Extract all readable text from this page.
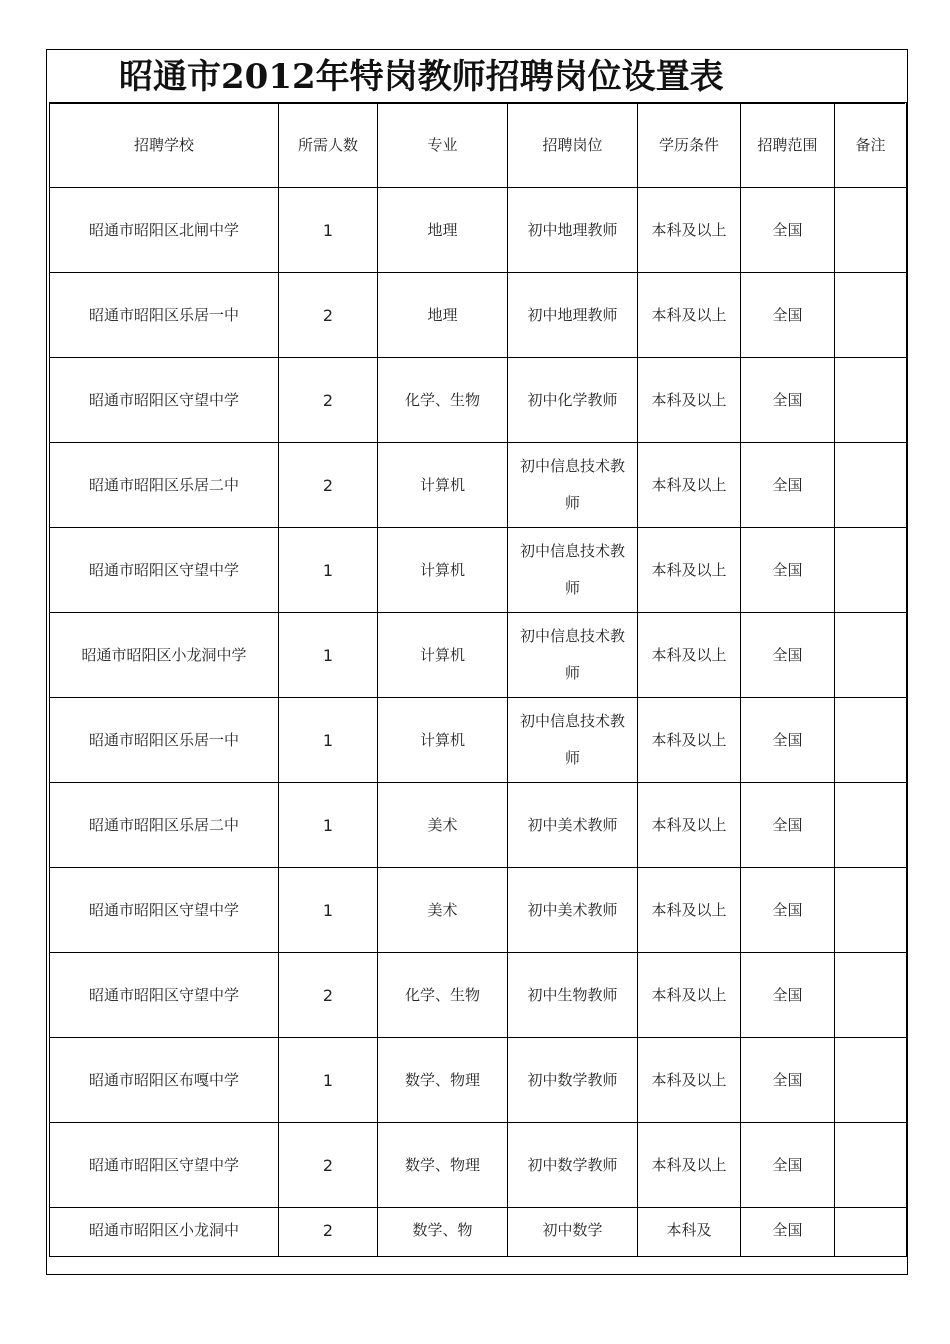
昭通市2012年特岗教师招聘岗位设置表
招聘学校	所需人数	专业	招聘岗位	学历条件	招聘范围	备注
昭通市昭阳区北闸中学	1	地理	初中地理教师	本科及以上	全国	
昭通市昭阳区乐居一中	2	地理	初中地理教师	本科及以上	全国	
昭通市昭阳区守望中学	2	化学、生物	初中化学教师	本科及以上	全国	
昭通市昭阳区乐居二中	2	计算机	初中信息技术教师	本科及以上	全国	
昭通市昭阳区守望中学	1	计算机	初中信息技术教师	本科及以上	全国	
昭通市昭阳区小龙洞中学	1	计算机	初中信息技术教师	本科及以上	全国	
昭通市昭阳区乐居一中	1	计算机	初中信息技术教师	本科及以上	全国	
昭通市昭阳区乐居二中	1	美术	初中美术教师	本科及以上	全国	
昭通市昭阳区守望中学	1	美术	初中美术教师	本科及以上	全国	
昭通市昭阳区守望中学	2	化学、生物	初中生物教师	本科及以上	全国	
昭通市昭阳区布嘎中学	1	数学、物理	初中数学教师	本科及以上	全国	
昭通市昭阳区守望中学	2	数学、物理	初中数学教师	本科及以上	全国	
昭通市昭阳区小龙洞中	2	数学、物	初中数学	本科及	全国	
